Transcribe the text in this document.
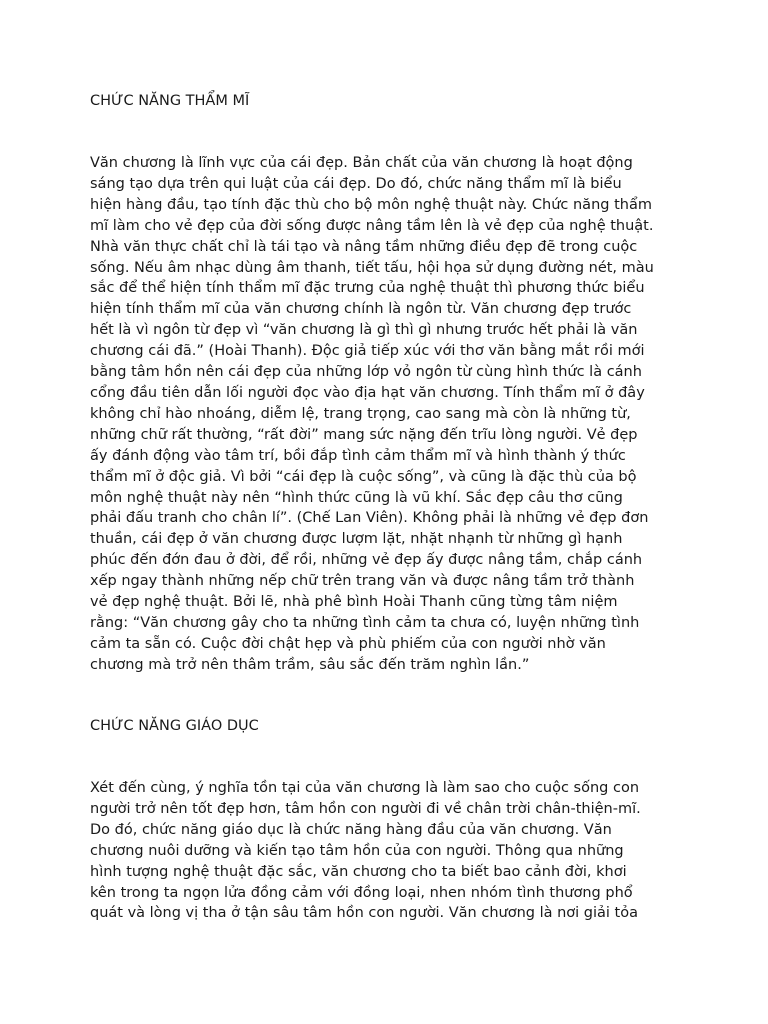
CHỨC NĂNG THẨM MĨ
Văn chương là lĩnh vực của cái đẹp. Bản chất của văn chương là hoạt động
sáng tạo dựa trên qui luật của cái đẹp. Do đó, chức năng thẩm mĩ là biểu
hiện hàng đầu, tạo tính đặc thù cho bộ môn nghệ thuật này. Chức năng thẩm
mĩ làm cho vẻ đẹp của đời sống được nâng tầm lên là vẻ đẹp của nghệ thuật.
Nhà văn thực chất chỉ là tái tạo và nâng tầm những điều đẹp đẽ trong cuộc
sống. Nếu âm nhạc dùng âm thanh, tiết tấu, hội họa sử dụng đường nét, màu
sắc để thể hiện tính thẩm mĩ đặc trưng của nghệ thuật thì phương thức biểu
hiện tính thẩm mĩ của văn chương chính là ngôn từ. Văn chương đẹp trước
hết là vì ngôn từ đẹp vì “văn chương là gì thì gì nhưng trước hết phải là văn
chương cái đã.” (Hoài Thanh). Độc giả tiếp xúc với thơ văn bằng mắt rồi mới
bằng tâm hồn nên cái đẹp của những lớp vỏ ngôn từ cùng hình thức là cánh
cổng đầu tiên dẫn lối người đọc vào địa hạt văn chương. Tính thẩm mĩ ở đây
không chỉ hào nhoáng, diễm lệ, trang trọng, cao sang mà còn là những từ,
những chữ rất thường, “rất đời” mang sức nặng đến trĩu lòng người. Vẻ đẹp
ấy đánh động vào tâm trí, bồi đắp tình cảm thẩm mĩ và hình thành ý thức
thẩm mĩ ở độc giả. Vì bởi “cái đẹp là cuộc sống”, và cũng là đặc thù của bộ
môn nghệ thuật này nên “hình thức cũng là vũ khí. Sắc đẹp câu thơ cũng
phải đấu tranh cho chân lí”. (Chế Lan Viên). Không phải là những vẻ đẹp đơn
thuần, cái đẹp ở văn chương được lượm lặt, nhặt nhạnh từ những gì hạnh
phúc đến đớn đau ở đời, để rồi, những vẻ đẹp ấy được nâng tầm, chắp cánh
xếp ngay thành những nếp chữ trên trang văn và được nâng tầm trở thành
vẻ đẹp nghệ thuật. Bởi lẽ, nhà phê bình Hoài Thanh cũng từng tâm niệm
rằng: “Văn chương gây cho ta những tình cảm ta chưa có, luyện những tình
cảm ta sẵn có. Cuộc đời chật hẹp và phù phiếm của con người nhờ văn
chương mà trở nên thâm trầm, sâu sắc đến trăm nghìn lần.”
CHỨC NĂNG GIÁO DỤC
Xét đến cùng, ý nghĩa tồn tại của văn chương là làm sao cho cuộc sống con
người trở nên tốt đẹp hơn, tâm hồn con người đi về chân trời chân-thiện-mĩ.
Do đó, chức năng giáo dục là chức năng hàng đầu của văn chương. Văn
chương nuôi dưỡng và kiến tạo tâm hồn của con người. Thông qua những
hình tượng nghệ thuật đặc sắc, văn chương cho ta biết bao cảnh đời, khơi
kên trong ta ngọn lửa đồng cảm với đồng loại, nhen nhóm tình thương phổ
quát và lòng vị tha ở tận sâu tâm hồn con người. Văn chương là nơi giải tỏa
